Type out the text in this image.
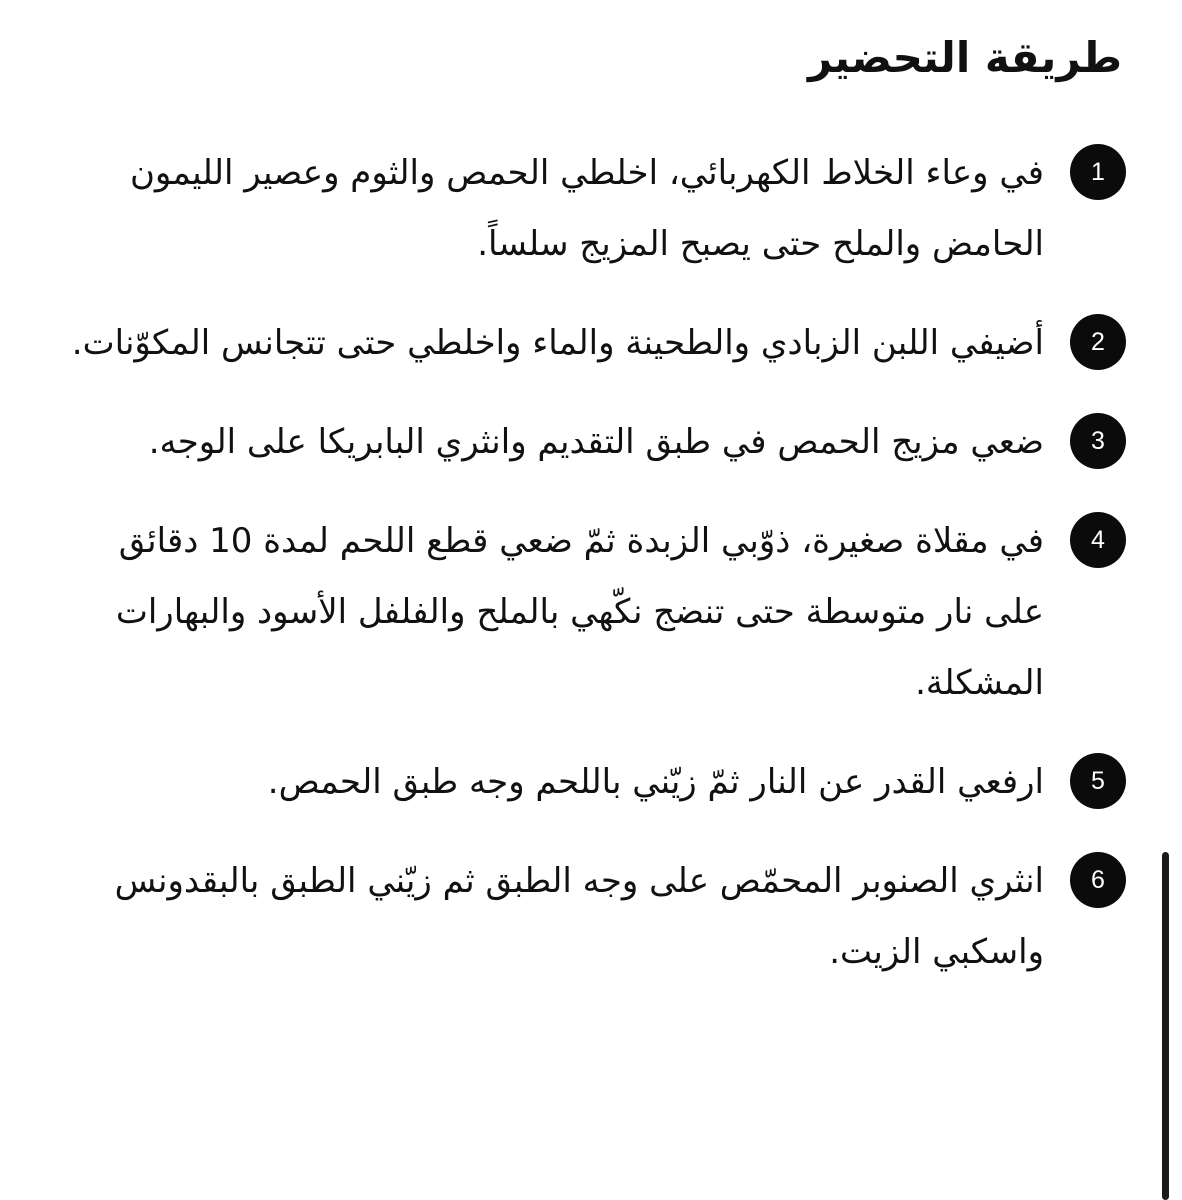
طريقة التحضير
1

في وعاء الخلاط الكهربائي، اخلطي الحمص والثوم وعصير الليمون الحامض والملح حتى يصبح المزيج سلساً.

2

أضيفي اللبن الزبادي والطحينة والماء واخلطي حتى تتجانس المكوّنات.

3

ضعي مزيج الحمص في طبق التقديم وانثري البابريكا على الوجه.

4

في مقلاة صغيرة، ذوّبي الزبدة ثمّ ضعي قطع اللحم لمدة 10 دقائق على نار متوسطة حتى تنضج نكّهي بالملح والفلفل الأسود والبهارات المشكلة.

5

ارفعي القدر عن النار ثمّ زيّني باللحم وجه طبق الحمص.

6

انثري الصنوبر المحمّص على وجه الطبق ثم زيّني الطبق بالبقدونس واسكبي الزيت.
